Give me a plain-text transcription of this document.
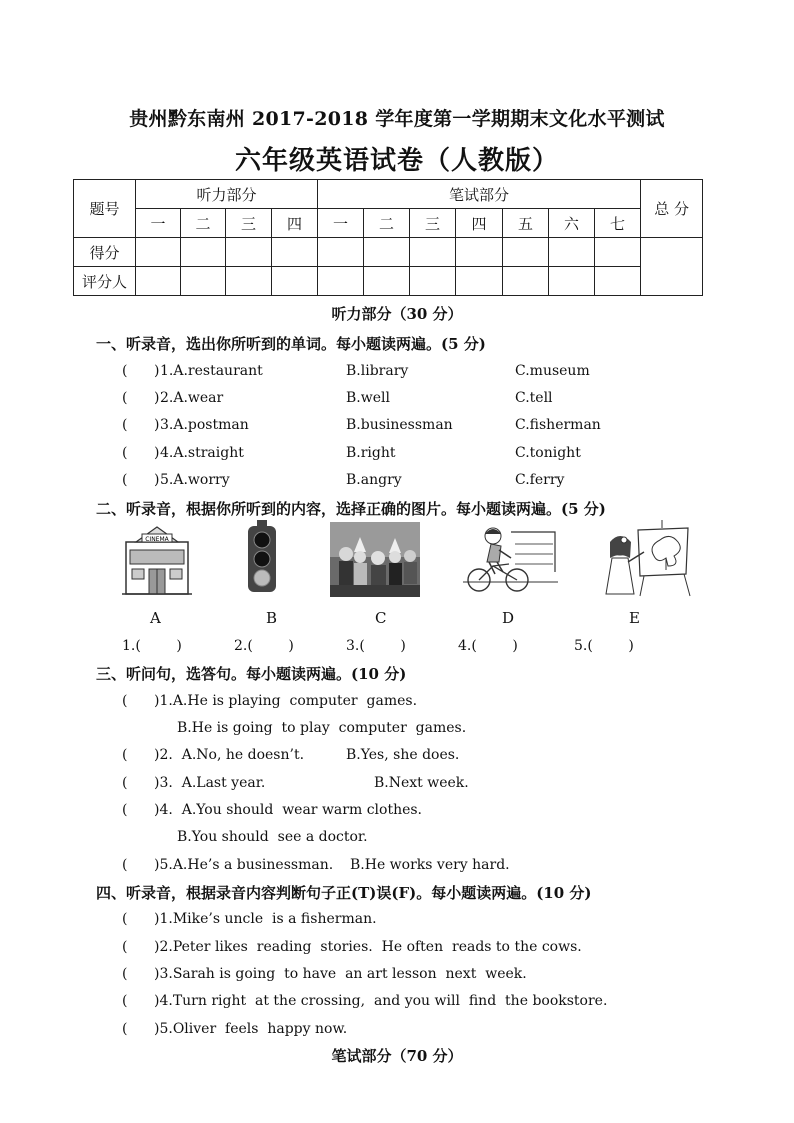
贵州黔东南州 2017-2018 学年度第一学期期末文化水平测试
六年级英语试卷（人教版）
题号	听力部分				笔试部分							总 分
	一	二	三	四	一	二	三	四	五	六	七	
得分												
评分人												
听力部分（30 分）
一、听录音，选出你所听到的单词。每小题读两遍。(5 分)
( ) 1.A.restaurant	B.library	C.museum
( ) 2.A.wear	B.well	C.tell
( ) 3.A.postman	B.businessman	C.fisherman
( ) 4.A.straight	B.right	C.tonight
( ) 5.A.worry	B.angry	C.ferry
二、听录音，根据你所听到的内容，选择正确的图片。每小题读两遍。(5 分)
CINEMA
A	B	C	D	E
1.(        )	2.(        )	3.(        )	4.(        )	5.(        )
三、听问句，选答句。每小题读两遍。(10 分)
( )1.A.He is playing  computer  games.
B.He is going  to play  computer  games.
( )2.  A.No, he doesn’t.	B.Yes, she does.
( )3.  A.Last year.	B.Next week.
( )4.  A.You should  wear warm clothes.
B.You should  see a doctor.
( )5.A.He’s a businessman. B.He works very hard.
四、听录音，根据录音内容判断句子正(T)误(F)。每小题读两遍。(10 分)
( )1.Mike’s uncle  is a fisherman.
( )2.Peter likes  reading  stories.  He often  reads to the cows.
( )3.Sarah is going  to have  an art lesson  next  week.
( )4.Turn right  at the crossing,  and you will  find  the bookstore.
( )5.Oliver  feels  happy now.
笔试部分（70 分）
